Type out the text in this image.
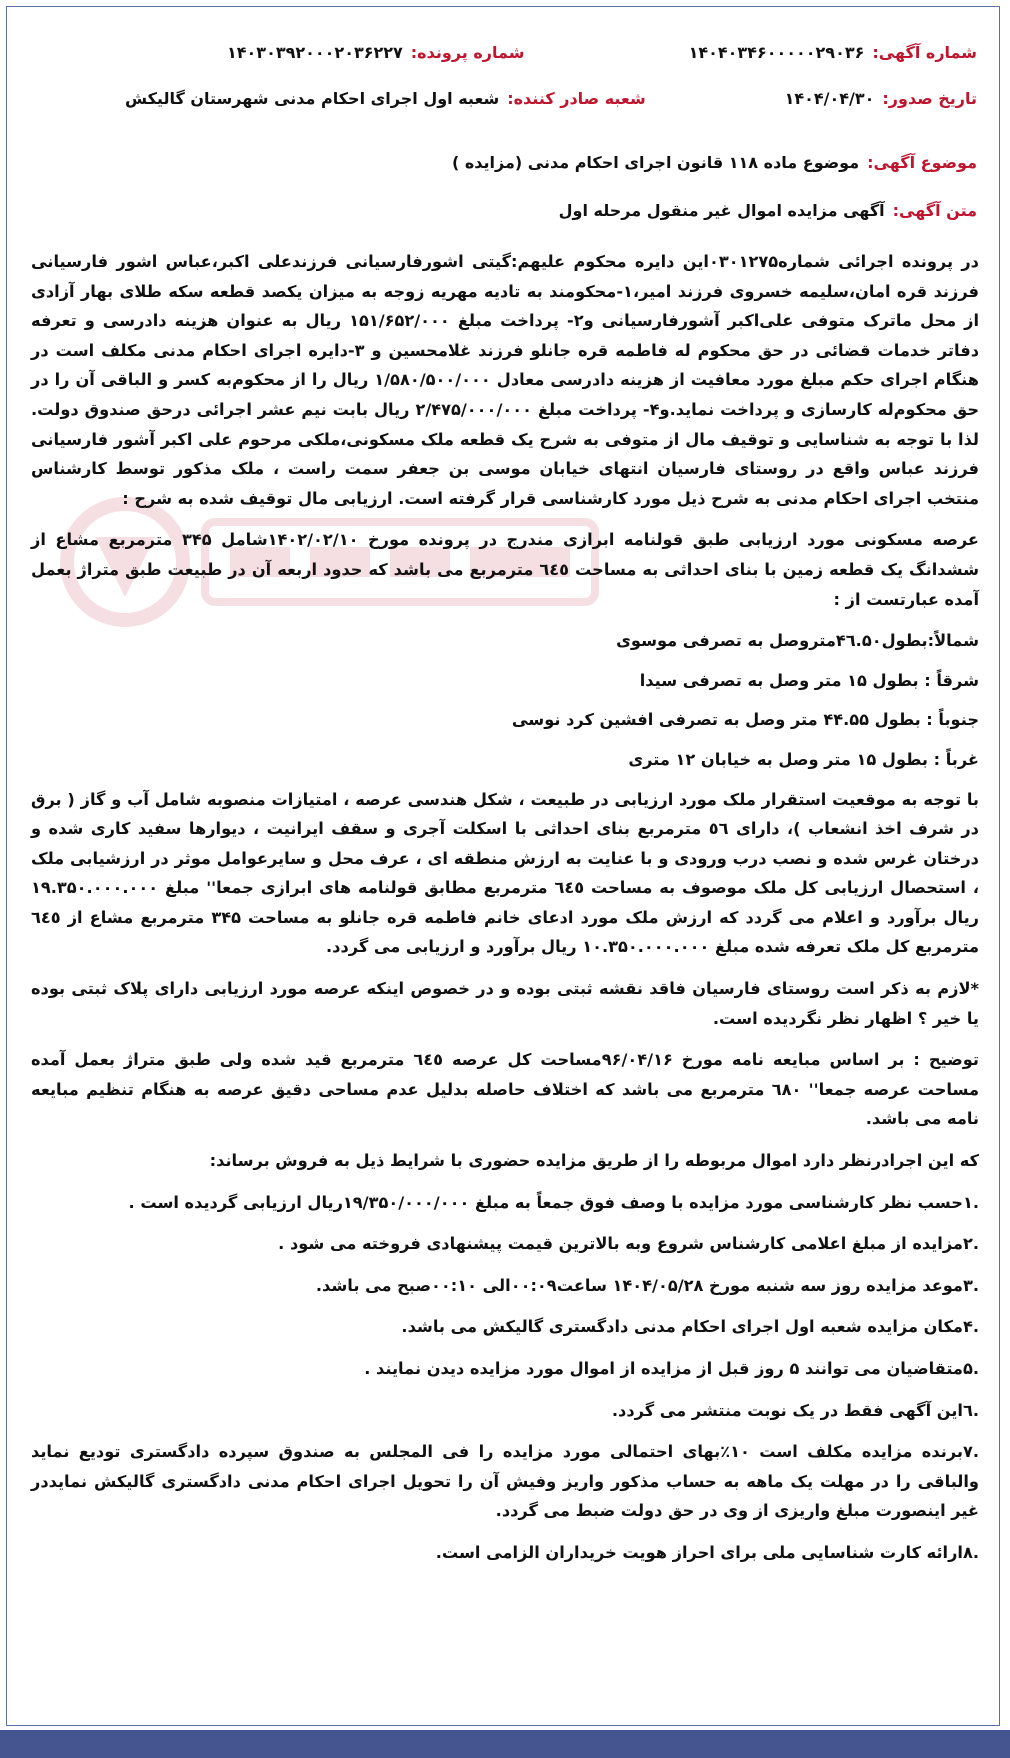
شماره آگهی:
۱۴۰۴۰۳۴۶۰۰۰۰۰۲۹۰۳۶
شماره پرونده:
۱۴۰۳۰۳۹۲۰۰۰۲۰۳۶۲۲۷
تاریخ صدور:
۱۴۰۴/۰۴/۳۰
شعبه صادر کننده:
شعبه اول اجرای احکام مدنی شهرستان گالیکش
موضوع آگهی:
موضوع ماده ۱۱۸ قانون اجرای احکام مدنی (مزایده )
متن آگهی:
آگهی مزایده اموال غیر منقول مرحله اول

در پرونده اجرائی شماره۰۳۰۱۲۷۵این دایره محکوم علیهم:گیتی اشورفارسیانی فرزندعلی اکبر،عباس اشور فارسیانی فرزند قره امان،سلیمه خسروی فرزند امیر،۱-محکومند به تادیه مهریه زوجه به میزان یکصد قطعه سکه طلای بهار آزادی از محل ماترک متوفی علی‌اکبر آشورفارسیانی و۲- پرداخت مبلغ ۱۵۱/۶۵۲/۰۰۰ ریال به عنوان هزینه دادرسی و تعرفه دفاتر خدمات قضائی در حق محکوم له فاطمه قره جانلو فرزند غلامحسین و ۳-دایره اجرای احکام مدنی مکلف است در هنگام اجرای حکم مبلغ مورد معافیت از هزینه دادرسی معادل ۱/۵۸۰/۵۰۰/۰۰۰ ریال را از محکوم‌به کسر و الباقی آن را در حق محکوم‌له کارسازی و پرداخت نماید.و۴- پرداخت مبلغ ۲/۴۷۵/۰۰۰/۰۰۰ ریال بابت نیم عشر اجرائی درحق صندوق دولت. لذا با توجه به شناسایی و توقیف مال از متوفی به شرح یک قطعه ملک مسکونی،ملکی مرحوم علی اکبر آشور فارسیانی فرزند عباس واقع در روستای فارسیان انتهای خیابان موسی بن جعفر سمت راست ، ملک مذکور توسط کارشناس منتخب اجرای احکام مدنی به شرح ذیل مورد کارشناسی قرار گرفته است. ارزیابی مال توقیف شده به شرح :

عرصه مسکونی مورد ارزیابی طبق قولنامه ابرازی مندرج در پرونده مورخ ۱۴۰۲/۰۲/۱۰شامل ۳۴۵ مترمربع مشاع از ششدانگ یک قطعه زمین با بنای احداثی به مساحت ٦٤٥ مترمربع می باشد که حدود اربعه آن در طبیعت طبق متراژ بعمل آمده عبارتست از :

شمالاً:بطول۴٦.۵۰متروصل به تصرفی موسوی

شرقاً : بطول ۱۵ متر وصل به تصرفی سیدا

جنوباً : بطول ۴۴.۵۵ متر وصل به تصرفی افشین کرد نوسی

غرباً : بطول ۱۵ متر وصل به خیابان ۱۲ متری

با توجه به موقعیت استقرار ملک مورد ارزیابی در طبیعت ، شکل هندسی عرصه ، امتیازات منصوبه شامل آب و گاز ( برق در شرف اخذ انشعاب )، دارای ٥٦ مترمربع بنای احداثی با اسکلت آجری و سقف ایرانیت ، دیوارها سفید کاری شده و درختان غرس شده و نصب درب ورودی و با عنایت به ارزش منطقه ای ، عرف محل و سایرعوامل موثر در ارزشیابی ملک ، استحصال ارزیابی کل ملک موصوف به مساحت ٦٤٥ مترمربع مطابق قولنامه های ابرازی جمعا'' مبلغ ۱۹.۳۵۰.۰۰۰.۰۰۰ ریال برآورد و اعلام می گردد که ارزش ملک مورد ادعای خانم فاطمه قره جانلو به مساحت ۳۴۵ مترمربع مشاع از ٦٤٥ مترمربع کل ملک تعرفه شده مبلغ ۱۰.۳۵۰.۰۰۰.۰۰۰ ریال برآورد و ارزیابی می گردد.

*لازم به ذکر است روستای فارسیان فاقد نقشه ثبتی بوده و در خصوص اینکه عرصه مورد ارزیابی دارای پلاک ثبتی بوده یا خیر ؟ اظهار نظر نگردیده است.

توضیح : بر اساس مبایعه نامه مورخ ۹۶/۰۴/۱۶مساحت کل عرصه ٦٤٥ مترمربع قید شده ولی طبق متراژ بعمل آمده مساحت عرصه جمعا'' ٦۸۰ مترمربع می باشد که اختلاف حاصله بدلیل عدم مساحی دقیق عرصه به هنگام تنظیم مبایعه نامه می باشد.

که این اجرادرنظر دارد اموال مربوطه را از طریق مزایده حضوری با شرایط ذیل به فروش برساند:

.۱حسب نظر کارشناسی مورد مزایده با وصف فوق جمعاً به مبلغ ۱۹/۳۵۰/۰۰۰/۰۰۰ریال ارزیابی گردیده است .

.۲مزایده از مبلغ اعلامی کارشناس شروع وبه بالاترین قیمت پیشنهادی فروخته می شود .

.۳موعد مزایده روز سه شنبه مورخ ۱۴۰۴/۰۵/۲۸ ساعت۰۰:۰۹الی ۰۰:۱۰صبح می باشد.

.۴مکان مزایده شعبه اول اجرای احکام مدنی دادگستری گالیکش می باشد.

.۵متقاضیان می توانند ۵ روز قبل از مزایده از اموال مورد مزایده دیدن نمایند .

.٦این آگهی فقط در یک نوبت منتشر می گردد.

.۷برنده مزایده مکلف است ۱۰٪بهای احتمالی مورد مزایده را فی المجلس به صندوق سپرده دادگستری تودیع نماید والباقی را در مهلت یک ماهه به حساب مذکور واریز وفیش آن را تحویل اجرای احکام مدنی دادگستری گالیکش نمایددر غیر اینصورت مبلغ واریزی از وی در حق دولت ضبط می گردد.

.۸ارائه کارت شناسایی ملی برای احراز هویت خریداران الزامی است.
